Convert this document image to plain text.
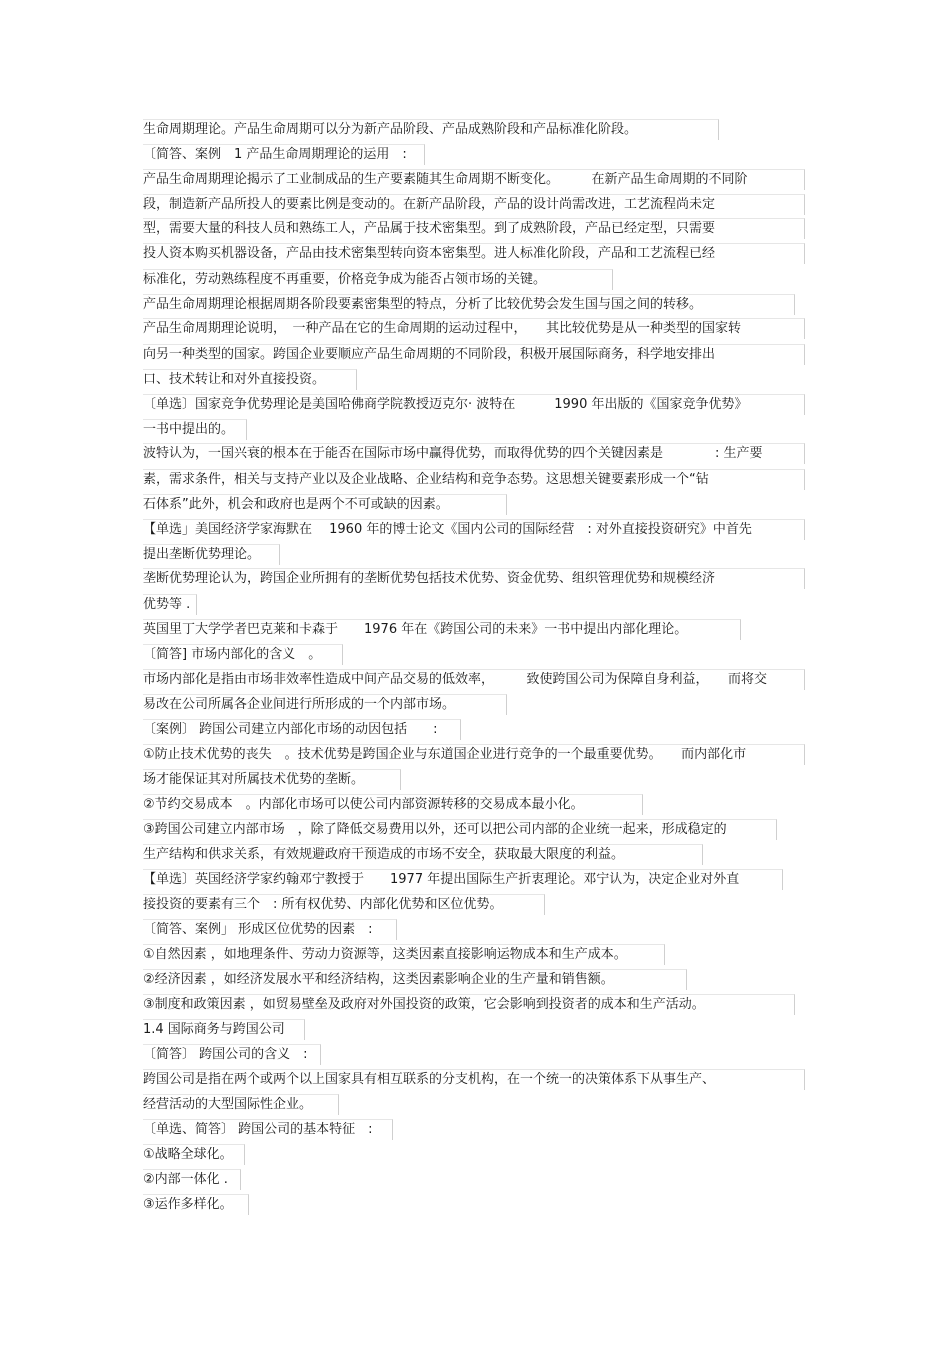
生命周期理论。产品生命周期可以分为新产品阶段、产品成熟阶段和产品标准化阶段。
〔简答、案例　1 产品生命周期理论的运用　:
产品生命周期理论揭示了工业制成品的生产要素随其生命周期不断变化。　　　在新产品生命周期的不同阶
段，制造新产品所投人的要素比例是变动的。在新产品阶段，产品的设计尚需改进，工艺流程尚未定
型，需要大量的科技人员和熟练工人，产品属于技术密集型。到了成熟阶段，产品已经定型，只需要
投人资本购买机器设备，产品由技术密集型转向资本密集型。进人标准化阶段，产品和工艺流程已经
标准化，劳动熟练程度不再重要，价格竞争成为能否占领市场的关键。
产品生命周期理论根据周期各阶段要素密集型的特点，分析了比较优势会发生国与国之间的转移。
产品生命周期理论说明，　一种产品在它的生命周期的运动过程中，　　其比较优势是从一种类型的国家转
向另一种类型的国家。跨国企业要顺应产品生命周期的不同阶段，积极开展国际商务，科学地安排出
口、技术转让和对外直接投资。
〔单选〕国家竞争优势理论是美国哈佛商学院教授迈克尔· 波特在　　　1990 年出版的《国家竞争优势》
一书中提出的。
波特认为，一国兴衰的根本在于能否在国际市场中赢得优势，而取得优势的四个关键因素是　　　　: 生产要
素，需求条件，相关与支持产业以及企业战略、企业结构和竞争态势。这思想关键要素形成一个“钻
石体系”此外，机会和政府也是两个不可或缺的因素。
【单选」美国经济学家海默在　 1960 年的博士论文《国内公司的国际经营　: 对外直接投资研究》中首先
提出垄断优势理论。
垄断优势理论认为，跨国企业所拥有的垄断优势包括技术优势、资金优势、组织管理优势和规模经济
优势等 .
英国里丁大学学者巴克莱和卡森于　　1976 年在《跨国公司的未来》一书中提出内部化理论。
〔简答] 市场内部化的含义　。
市场内部化是指由市场非效率性造成中间产品交易的低效率，　　　致使跨国公司为保障自身利益，　　而将交
易改在公司所属各企业间进行所形成的一个内部市场。
〔案例〕 跨国公司建立内部化市场的动因包括　　:
①防止技术优势的丧失　。技术优势是跨国企业与东道国企业进行竞争的一个最重要优势。　　而内部化市
场才能保证其对所属技术优势的垄断。
②节约交易成本　。内部化市场可以使公司内部资源转移的交易成本最小化。
③跨国公司建立内部市场　，除了降低交易费用以外，还可以把公司内部的企业统一起来，形成稳定的
生产结构和供求关系，有效规避政府干预造成的市场不安全，获取最大限度的利益。
【单选〕英国经济学家约翰邓宁教授于　　1977 年提出国际生产折衷理论。邓宁认为，决定企业对外直
接投资的要素有三个　: 所有权优势、内部化优势和区位优势。
〔简答、案例」 形成区位优势的因素　:
①自然因素 ，如地理条件、劳动力资源等，这类因素直接影响运物成本和生产成本。
②经济因素 ，如经济发展水平和经济结构，这类因素影响企业的生产量和销售额。
③制度和政策因素 ，如贸易壁垒及政府对外国投资的政策，它会影响到投资者的成本和生产活动。
1.4 国际商务与跨国公司
〔简答〕 跨国公司的含义　:
跨国公司是指在两个或两个以上国家具有相互联系的分支机构，在一个统一的决策体系下从事生产、
经营活动的大型国际性企业。
〔单选、简答〕 跨国公司的基本特征　:
①战略全球化。
②内部一体化 .
③运作多样化。
